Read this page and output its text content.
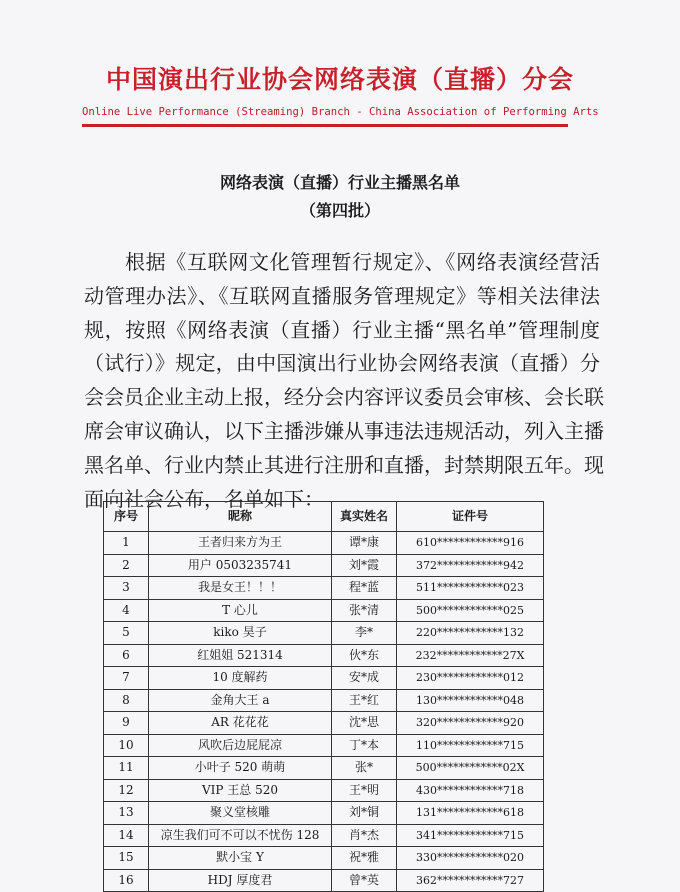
中国演出行业协会网络表演（直播）分会
Online Live Performance (Streaming) Branch - China Association of Performing Arts
网络表演（直播）行业主播黑名单
（第四批）
根据《互联网文化管理暂行规定》、《网络表演经营活
动管理办法》、《互联网直播服务管理规定》等相关法律法
规，按照《网络表演（直播）行业主播“黑名单”管理制度
（试行）》规定，由中国演出行业协会网络表演（直播）分
会会员企业主动上报，经分会内容评议委员会审核、会长联
席会审议确认，以下主播涉嫌从事违法违规活动，列入主播
黑名单、行业内禁止其进行注册和直播，封禁期限五年。现
面向社会公布，名单如下：
序号	昵称	真实姓名	证件号
1	王者归来方为王	谭*康	610************916
2	用户 0503235741	刘*霞	372************942
3	我是女王！！！	程*蓝	511************023
4	T 心儿	张*清	500************025
5	kiko 昊子	李*	220************132
6	红姐姐 521314	伙*东	232************27X
7	10 度解药	安*成	230************012
8	金角大王 a	王*红	130************048
9	AR 花花花	沈*思	320************920
10	风吹后边屁屁凉	丁*本	110************715
11	小叶子 520 萌萌	张*	500************02X
12	VIP 王总 520	王*明	430************718
13	聚义堂核雕	刘*铜	131************618
14	凉生我们可不可以不忧伤 128	肖*杰	341************715
15	默小宝 Y	祝*雅	330************020
16	HDJ 厚度君	曾*英	362************727
